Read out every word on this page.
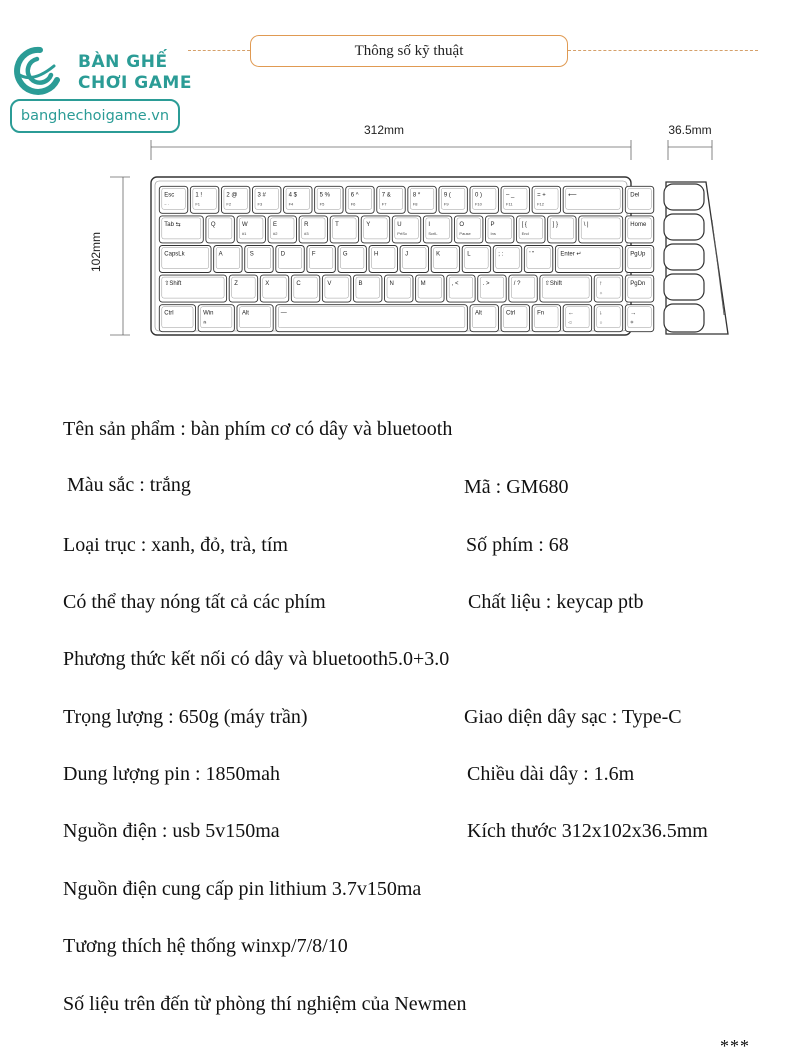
BÀN GHẾ
CHƠI GAME
banghechoigame.vn
Thông số kỹ thuật
312mm	36.5mm
102mm
Esc
~ ·
1 !
F1
2 @
F2
3 #
F3
4 $
F4
5 %
F5
6 ^
F6
7 &
F7
8 *
F8
9 (
F9
0 )
F10
– _
F11
= +
F12
⟵	Del
Tab ⇆	Q	W
#1
E
#2
R
#3
T	Y	U
PrtSc
I
ScrlL
O
Pause
P
Ins
[ {
End
] }	\ |	Home
CapsLk	A	S	D	F	G	H	J	K	L	; :	' "	Enter ↵	PgUp
⇧Shift	Z	X	C	V	B	N	M	, <	. >	/ ?	⇧Shift	↑
☼
PgDn
Ctrl	Win
⋒
Alt	—	Alt	Ctrl	Fn	←
◁
↓
☼
→
✲
Tên sản phẩm : bàn phím cơ có dây và bluetooth
Màu sắc : trắng	Mã : GM680
Loại trục : xanh, đỏ, trà, tím	Số phím : 68
Có thể thay nóng tất cả các phím	Chất liệu : keycap ptb
Phương thức kết nối có dây và bluetooth5.0+3.0
Trọng lượng : 650g (máy trần)	Giao diện dây sạc : Type-C
Dung lượng pin : 1850mah	Chiều dài dây : 1.6m
Nguồn điện : usb 5v150ma	Kích thước 312x102x36.5mm
Nguồn điện cung cấp pin lithium 3.7v150ma
Tương thích hệ thống winxp/7/8/10
Số liệu trên đến từ phòng thí nghiệm của Newmen
***
